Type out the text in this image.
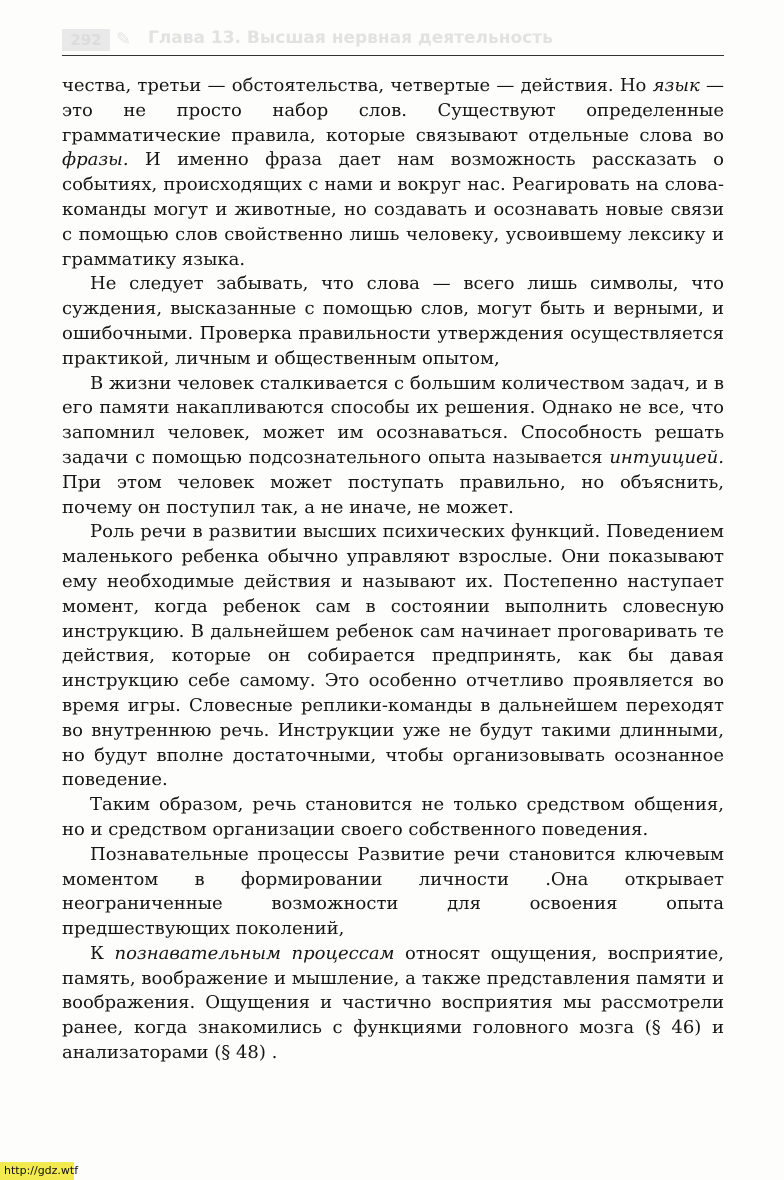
292 ✎ Глава 13. Высшая нервная деятельность

чества, третьи — обстоятельства, четвертые — действия. Но язык — это не просто набор слов. Существуют определенные грамматические правила, которые связывают отдельные слова во фразы. И именно фраза дает нам возможность рассказать о событиях, происходящих с нами и вокруг нас. Реагировать на слова-команды могут и животные, но создавать и осознавать новые связи с помощью слов свойственно лишь человеку, усвоившему лексику и грамматику языка.

Не следует забывать, что слова — всего лишь символы, что суждения, высказанные с помощью слов, могут быть и верными, и ошибочными. Проверка правильности утверждения осуществляется практикой, личным и общественным опытом,

В жизни человек сталкивается с большим количеством задач, и в его памяти накапливаются способы их решения. Однако не все, что запомнил человек, может им осознаваться. Способность решать задачи с помощью подсознательного опыта называется интуицией. При этом человек может поступать правильно, но объяснить, почему он поступил так, а не иначе, не может.

Роль речи в развитии высших психических функций. Поведением маленького ребенка обычно управляют взрослые. Они показывают ему необходимые действия и называют их. Постепенно наступает момент, когда ребенок сам в состоянии выполнить словесную инструкцию. В дальнейшем ребенок сам начинает проговаривать те действия, которые он собирается предпринять, как бы давая инструкцию себе самому. Это особенно отчетливо проявляется во время игры. Словесные реплики-команды в дальнейшем переходят во внутреннюю речь. Инструкции уже не будут такими длинными, но будут вполне достаточными, чтобы организовывать осознанное поведение.

Таким образом, речь становится не только средством общения, но и средством организации своего собственного поведения.

Познавательные процессы Развитие речи становится ключевым моментом в формировании личности .Она открывает неограниченные возможности для освоения опыта предшествующих поколений,

К познавательным процессам относят ощущения, восприятие, память, воображение и мышление, а также представления памяти и воображения. Ощущения и частично восприятия мы рассмотрели ранее, когда знакомились с функциями головного мозга (§ 46) и анализаторами (§ 48) .

http://gdz.wtf
